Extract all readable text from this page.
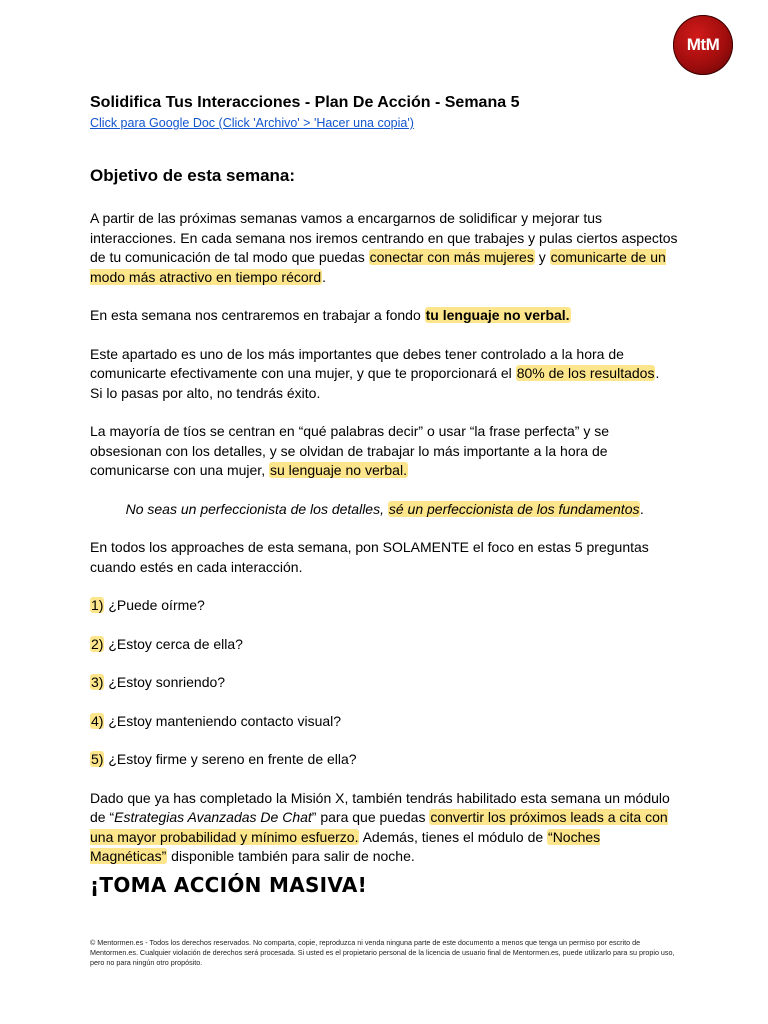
MtM
Solidifica Tus Interacciones - Plan De Acción - Semana 5
Click para Google Doc (Click 'Archivo' > 'Hacer una copia')
Objetivo de esta semana:

A partir de las próximas semanas vamos a encargarnos de solidificar y mejorar tus interacciones. En cada semana nos iremos centrando en que trabajes y pulas ciertos aspectos de tu comunicación de tal modo que puedas conectar con más mujeres y comunicarte de un modo más atractivo en tiempo récord.

En esta semana nos centraremos en trabajar a fondo tu lenguaje no verbal.

Este apartado es uno de los más importantes que debes tener controlado a la hora de comunicarte efectivamente con una mujer, y que te proporcionará el 80% de los resultados.
Si lo pasas por alto, no tendrás éxito.

La mayoría de tíos se centran en “qué palabras decir” o usar “la frase perfecta” y se obsesionan con los detalles, y se olvidan de trabajar lo más importante a la hora de comunicarse con una mujer, su lenguaje no verbal.

No seas un perfeccionista de los detalles, sé un perfeccionista de los fundamentos.

En todos los approaches de esta semana, pon SOLAMENTE el foco en estas 5 preguntas cuando estés en cada interacción.

1) ¿Puede oírme?

2) ¿Estoy cerca de ella?

3) ¿Estoy sonriendo?

4) ¿Estoy manteniendo contacto visual?

5) ¿Estoy firme y sereno en frente de ella?

Dado que ya has completado la Misión X, también tendrás habilitado esta semana un módulo de “Estrategias Avanzadas De Chat” para que puedas convertir los próximos leads a cita con una mayor probabilidad y mínimo esfuerzo. Además, tienes el módulo de “Noches Magnéticas” disponible también para salir de noche.

¡TOMA ACCIÓN MASIVA!
© Mentormen.es - Todos los derechos reservados. No comparta, copie, reproduzca ni venda ninguna parte de este documento a menos que tenga un permiso por escrito de Mentormen.es. Cualquier violación de derechos será procesada. Si usted es el propietario personal de la licencia de usuario final de Mentormen.es, puede utilizarlo para su propio uso, pero no para ningún otro propósito.
